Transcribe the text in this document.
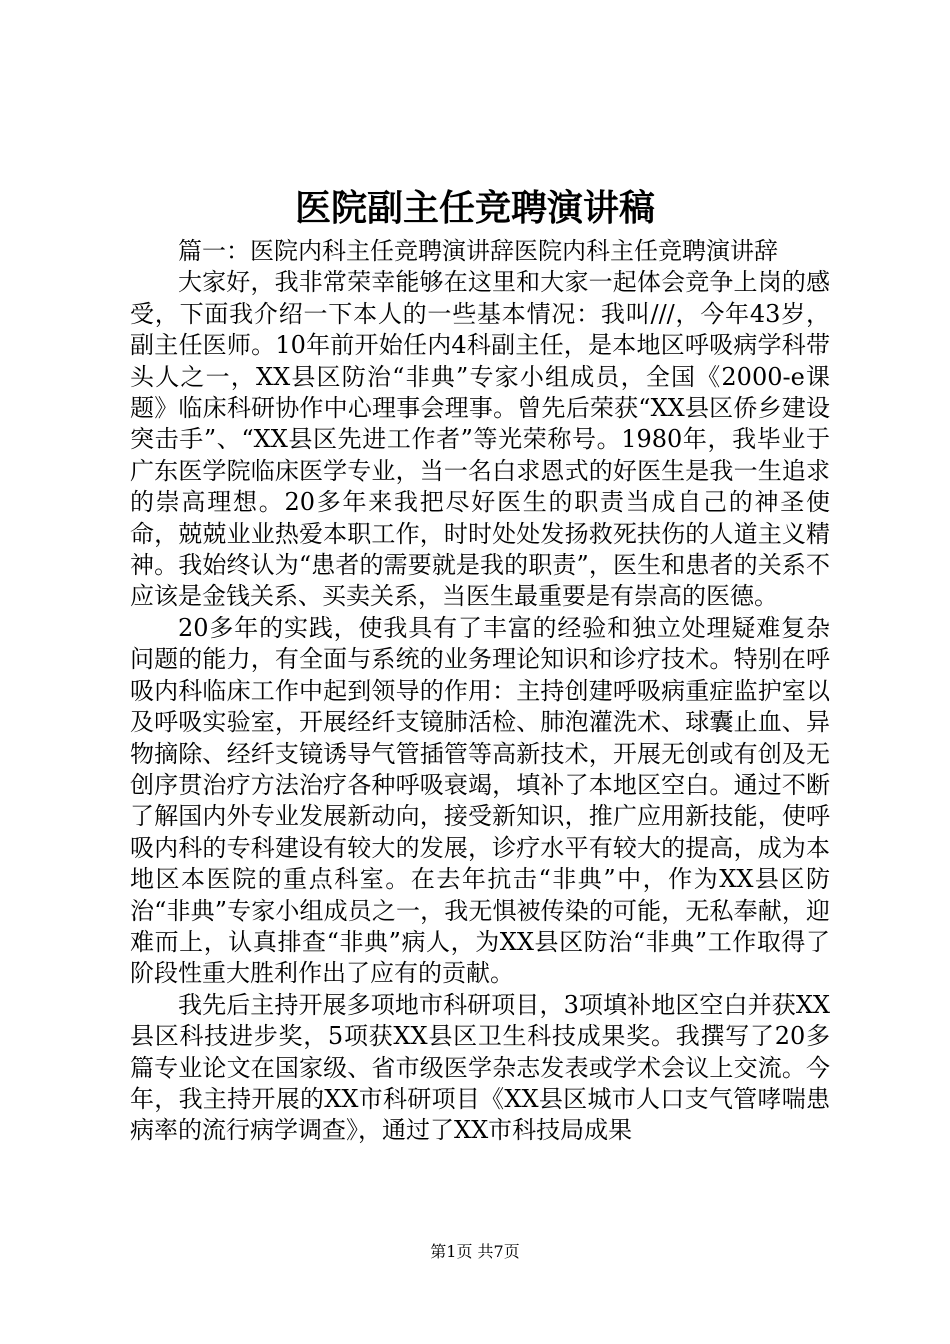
医院副主任竞聘演讲稿

篇一：医院内科主任竞聘演讲辞医院内科主任竞聘演讲辞

大家好，我非常荣幸能够在这里和大家一起体会竞争上岗的感受，下面我介绍一下本人的一些基本情况：我叫///，今年43岁，副主任医师。10年前开始任内4科副主任，是本地区呼吸病学科带头人之一，XX县区防治“非典”专家小组成员，全国《2000-e课题》临床科研协作中心理事会理事。曾先后荣获“XX县区侨乡建设突击手”、“XX县区先进工作者”等光荣称号。1980年，我毕业于广东医学院临床医学专业，当一名白求恩式的好医生是我一生追求的崇高理想。20多年来我把尽好医生的职责当成自己的神圣使命，兢兢业业热爱本职工作，时时处处发扬救死扶伤的人道主义精神。我始终认为“患者的需要就是我的职责”，医生和患者的关系不应该是金钱关系、买卖关系，当医生最重要是有崇高的医德。

20多年的实践，使我具有了丰富的经验和独立处理疑难复杂问题的能力，有全面与系统的业务理论知识和诊疗技术。特别在呼吸内科临床工作中起到领导的作用：主持创建呼吸病重症监护室以及呼吸实验室，开展经纤支镜肺活检、肺泡灌洗术、球囊止血、异物摘除、经纤支镜诱导气管插管等高新技术，开展无创或有创及无创序贯治疗方法治疗各种呼吸衰竭，填补了本地区空白。通过不断了解国内外专业发展新动向，接受新知识，推广应用新技能，使呼吸内科的专科建设有较大的发展，诊疗水平有较大的提高，成为本地区本医院的重点科室。在去年抗击“非典”中，作为XX县区防治“非典”专家小组成员之一，我无惧被传染的可能，无私奉献，迎难而上，认真排查“非典”病人，为XX县区防治“非典”工作取得了阶段性重大胜利作出了应有的贡献。

我先后主持开展多项地市科研项目，3项填补地区空白并获XX县区科技进步奖，5项获XX县区卫生科技成果奖。我撰写了20多篇专业论文在国家级、省市级医学杂志发表或学术会议上交流。今年，我主持开展的XX市科研项目《XX县区城市人口支气管哮喘患病率的流行病学调查》，通过了XX市科技局成果

第1页 共7页
